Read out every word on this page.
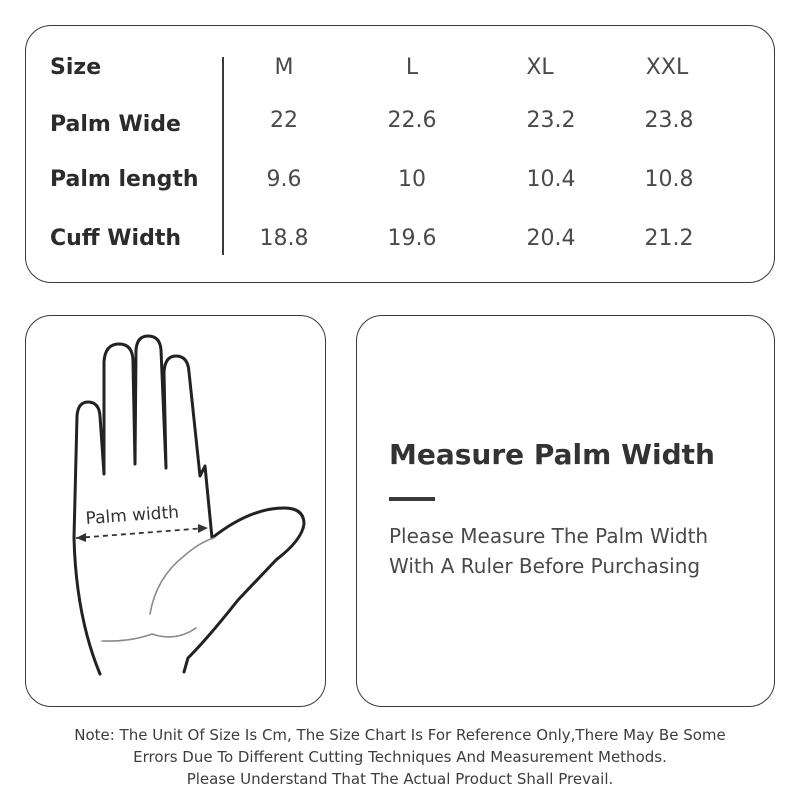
Size	M	L	XL	XXL
Palm Wide	22	22.6	23.2	23.8
Palm length	9.6	10	10.4	10.8
Cuff Width	18.8	19.6	20.4	21.2
Palm width
Measure Palm Width
Please Measure The Palm Width
With A Ruler Before Purchasing
Note: The Unit Of Size Is Cm, The Size Chart Is For Reference Only,There May Be Some
Errors Due To Different Cutting Techniques And Measurement Methods.
Please Understand That The Actual Product Shall Prevail.
